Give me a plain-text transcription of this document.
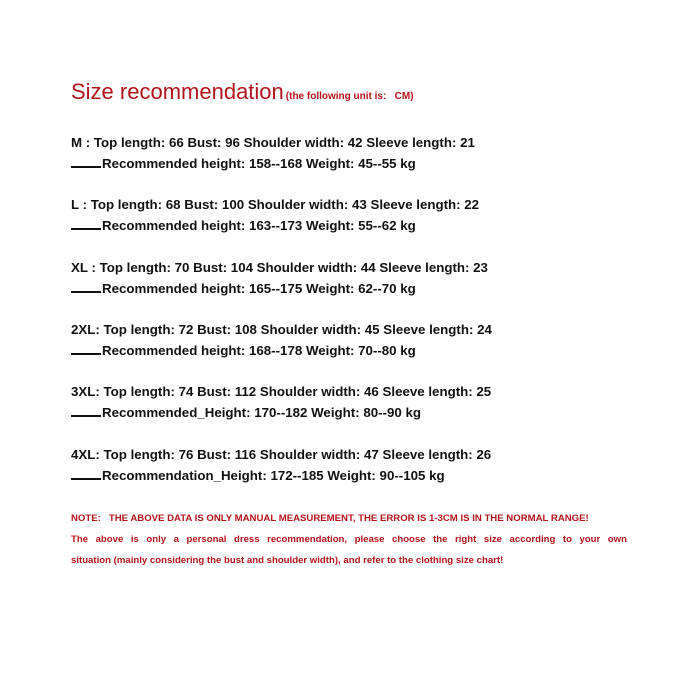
Size recommendation (the following unit is:   CM)
M : Top length: 66 Bust: 96 Shoulder width: 42 Sleeve length: 21
Recommended height: 158--168 Weight: 45--55 kg
L : Top length: 68 Bust: 100 Shoulder width: 43 Sleeve length: 22
Recommended height: 163--173 Weight: 55--62 kg
XL : Top length: 70 Bust: 104 Shoulder width: 44 Sleeve length: 23
Recommended height: 165--175 Weight: 62--70 kg
2XL: Top length: 72 Bust: 108 Shoulder width: 45 Sleeve length: 24
Recommended height: 168--178 Weight: 70--80 kg
3XL: Top length: 74 Bust: 112 Shoulder width: 46 Sleeve length: 25
Recommended_Height: 170--182 Weight: 80--90 kg
4XL: Top length: 76 Bust: 116 Shoulder width: 47 Sleeve length: 26
Recommendation_Height: 172--185 Weight: 90--105 kg
NOTE:   THE ABOVE DATA IS ONLY MANUAL MEASUREMENT, THE ERROR IS 1-3CM IS IN THE NORMAL RANGE!
The above is only a personal dress recommendation, please choose the right size according to your own
situation (mainly considering the bust and shoulder width), and refer to the clothing size chart!
